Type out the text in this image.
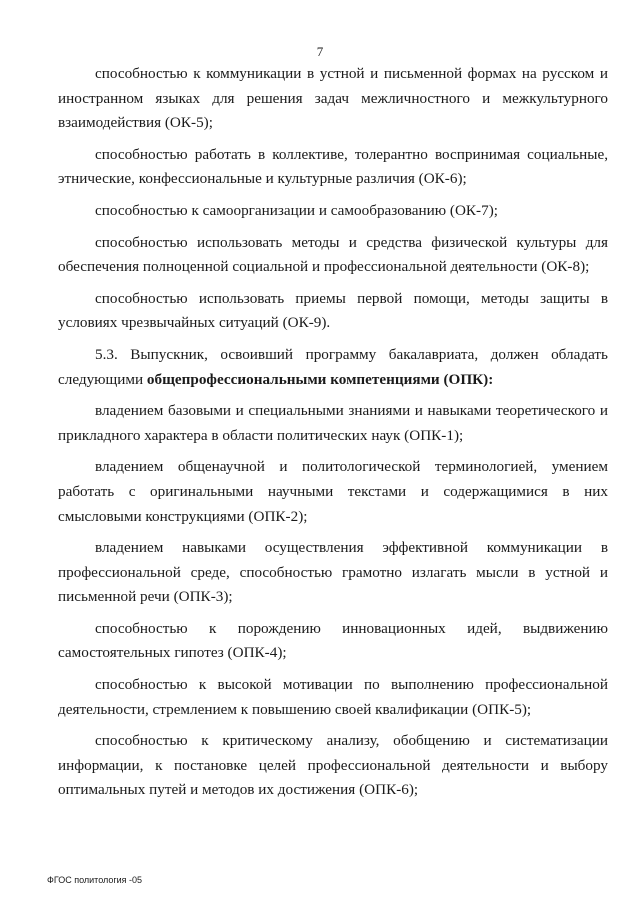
7

способностью к коммуникации в устной и письменной формах на русском и иностранном языках для решения задач межличностного и межкультурного взаимодействия (ОК-5);

способностью работать в коллективе, толерантно воспринимая социальные, этнические, конфессиональные и культурные различия (ОК-6);

способностью к самоорганизации и самообразованию (ОК-7);

способностью использовать методы и средства физической культуры для обеспечения полноценной социальной и профессиональной деятельности (ОК-8);

способностью использовать приемы первой помощи, методы защиты в условиях чрезвычайных ситуаций (ОК-9).

5.3. Выпускник, освоивший программу бакалавриата, должен обладать следующими общепрофессиональными компетенциями (ОПК):

владением базовыми и специальными знаниями и навыками теоретического и прикладного характера в области политических наук (ОПК-1);

владением общенаучной и политологической терминологией, умением работать с оригинальными научными текстами и содержащимися в них смысловыми конструкциями (ОПК-2);

владением навыками осуществления эффективной коммуникации в профессиональной среде, способностью грамотно излагать мысли в устной и письменной речи (ОПК-3);

способностью к порождению инновационных идей, выдвижению самостоятельных гипотез (ОПК-4);

способностью к высокой мотивации по выполнению профессиональной деятельности, стремлением к повышению своей квалификации (ОПК-5);

способностью к критическому анализу, обобщению и систематизации информации, к постановке целей профессиональной деятельности и выбору оптимальных путей и методов их достижения (ОПК-6);

ФГОС политология -05
